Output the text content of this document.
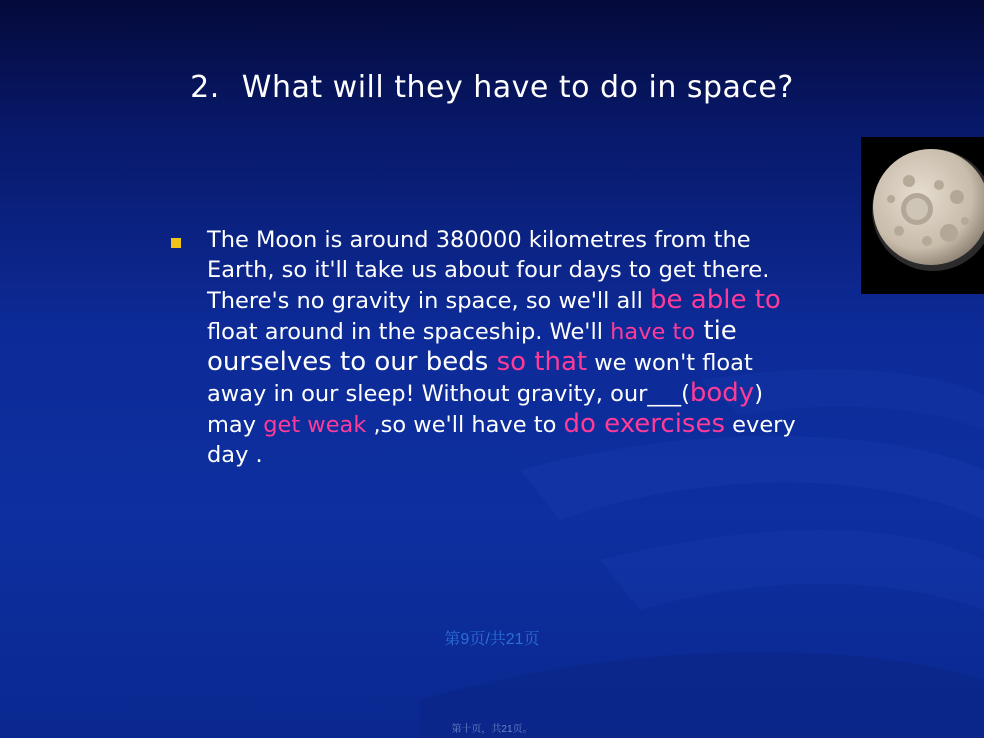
2. What will they have to do in space?
The Moon is around 380000 kilometres from the
Earth, so it'll take us about four days to get there.
There's no gravity in space, so we'll all be able to
float around in the spaceship. We'll have to tie
ourselves to our beds so that we won't float
away in our sleep! Without gravity, our___(body)
may get weak ,so we'll have to do exercises every
day .
第9页/共21页
第十页，共21页。
